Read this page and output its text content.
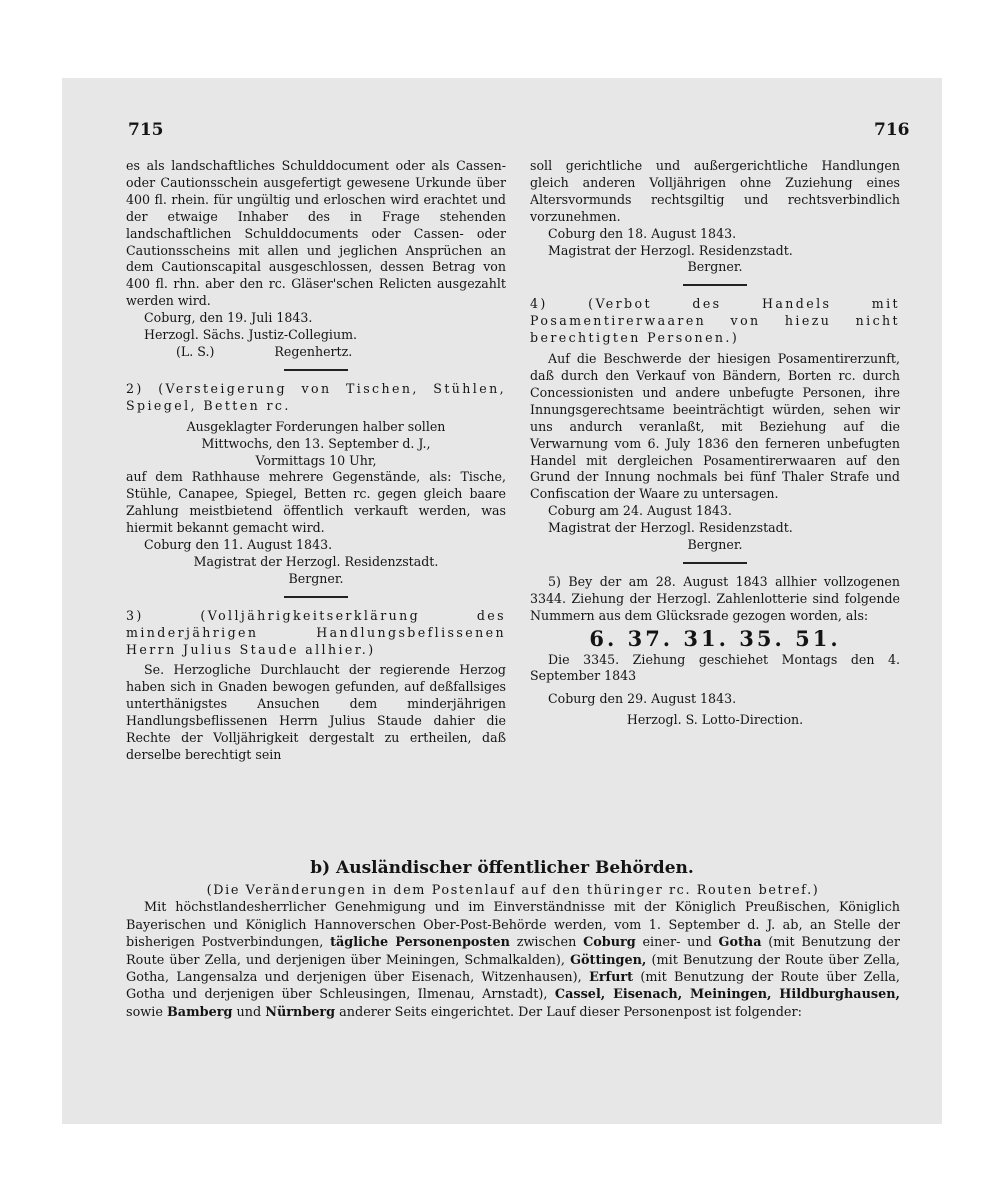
715	716

es als landschaftliches Schulddocument oder als Cassen- oder Cautionsschein ausgefertigt gewesene Urkunde über 400 fl. rhein. für ungültig und erloschen wird erachtet und der etwaige Inhaber des in Frage stehenden landschaftlichen Schulddocuments oder Cassen- oder Cautionsscheins mit allen und jeglichen Ansprüchen an dem Cautionscapital ausgeschlossen, dessen Betrag von 400 fl. rhn. aber den rc. Gläser'schen Relicten ausgezahlt werden wird.

Coburg, den 19. Juli 1843.

Herzogl. Sächs. Justiz-Collegium.

(L. S.)	Regenhertz.

2) (Versteigerung von Tischen, Stühlen, Spiegel, Betten rc.

Ausgeklagter Forderungen halber sollen

Mittwochs, den 13. September d. J.,

Vormittags 10 Uhr,

auf dem Rathhause mehrere Gegenstände, als: Tische, Stühle, Canapee, Spiegel, Betten rc. gegen gleich baare Zahlung meistbietend öffentlich verkauft werden, was hiermit bekannt gemacht wird.

Coburg den 11. August 1843.

Magistrat der Herzogl. Residenzstadt.

Bergner.

3) (Volljährigkeitserklärung des minderjährigen Handlungsbeflissenen Herrn Julius Staude allhier.)

Se. Herzogliche Durchlaucht der regierende Herzog haben sich in Gnaden bewogen gefunden, auf deßfallsiges unterthänigstes Ansuchen dem minderjährigen Handlungsbeflissenen Herrn Julius Staude dahier die Rechte der Volljährigkeit dergestalt zu ertheilen, daß derselbe berechtigt sein

soll gerichtliche und außergerichtliche Handlungen gleich anderen Volljährigen ohne Zuziehung eines Altersvormunds rechtsgiltig und rechtsverbindlich vorzunehmen.

Coburg den 18. August 1843.

Magistrat der Herzogl. Residenzstadt.

Bergner.

4) (Verbot des Handels mit Posamentirerwaaren von hiezu nicht berechtigten Personen.)

Auf die Beschwerde der hiesigen Posamentirerzunft, daß durch den Verkauf von Bändern, Borten rc. durch Concessionisten und andere unbefugte Personen, ihre Innungsgerechtsame beeinträchtigt würden, sehen wir uns andurch veranlaßt, mit Beziehung auf die Verwarnung vom 6. July 1836 den ferneren unbefugten Handel mit dergleichen Posamentirerwaaren auf den Grund der Innung nochmals bei fünf Thaler Strafe und Confiscation der Waare zu untersagen.

Coburg am 24. August 1843.

Magistrat der Herzogl. Residenzstadt.

Bergner.

5) Bey der am 28. August 1843 allhier vollzogenen 3344. Ziehung der Herzogl. Zahlenlotterie sind folgende Nummern aus dem Glücksrade gezogen worden, als:

6. 37. 31. 35. 51.

Die 3345. Ziehung geschiehet Montags den 4. September 1843

Coburg den 29. August 1843.

Herzogl. S. Lotto-Direction.

b) Ausländischer öffentlicher Behörden.

(Die Veränderungen in dem Postenlauf auf den thüringer rc. Routen betref.)

Mit höchstlandesherrlicher Genehmigung und im Einverständnisse mit der Königlich Preußischen, Königlich Bayerischen und Königlich Hannoverschen Ober-Post-Behörde werden, vom 1. September d. J. ab, an Stelle der bisherigen Postverbindungen, tägliche Personenposten zwischen Coburg einer- und Gotha (mit Benutzung der Route über Zella, und derjenigen über Meiningen, Schmalkalden), Göttingen, (mit Benutzung der Route über Zella, Gotha, Langensalza und derjenigen über Eisenach, Witzenhausen), Erfurt (mit Benutzung der Route über Zella, Gotha und derjenigen über Schleusingen, Ilmenau, Arnstadt), Cassel, Eisenach, Meiningen, Hildburghausen, sowie Bamberg und Nürnberg anderer Seits eingerichtet. Der Lauf dieser Personenpost ist folgender:
